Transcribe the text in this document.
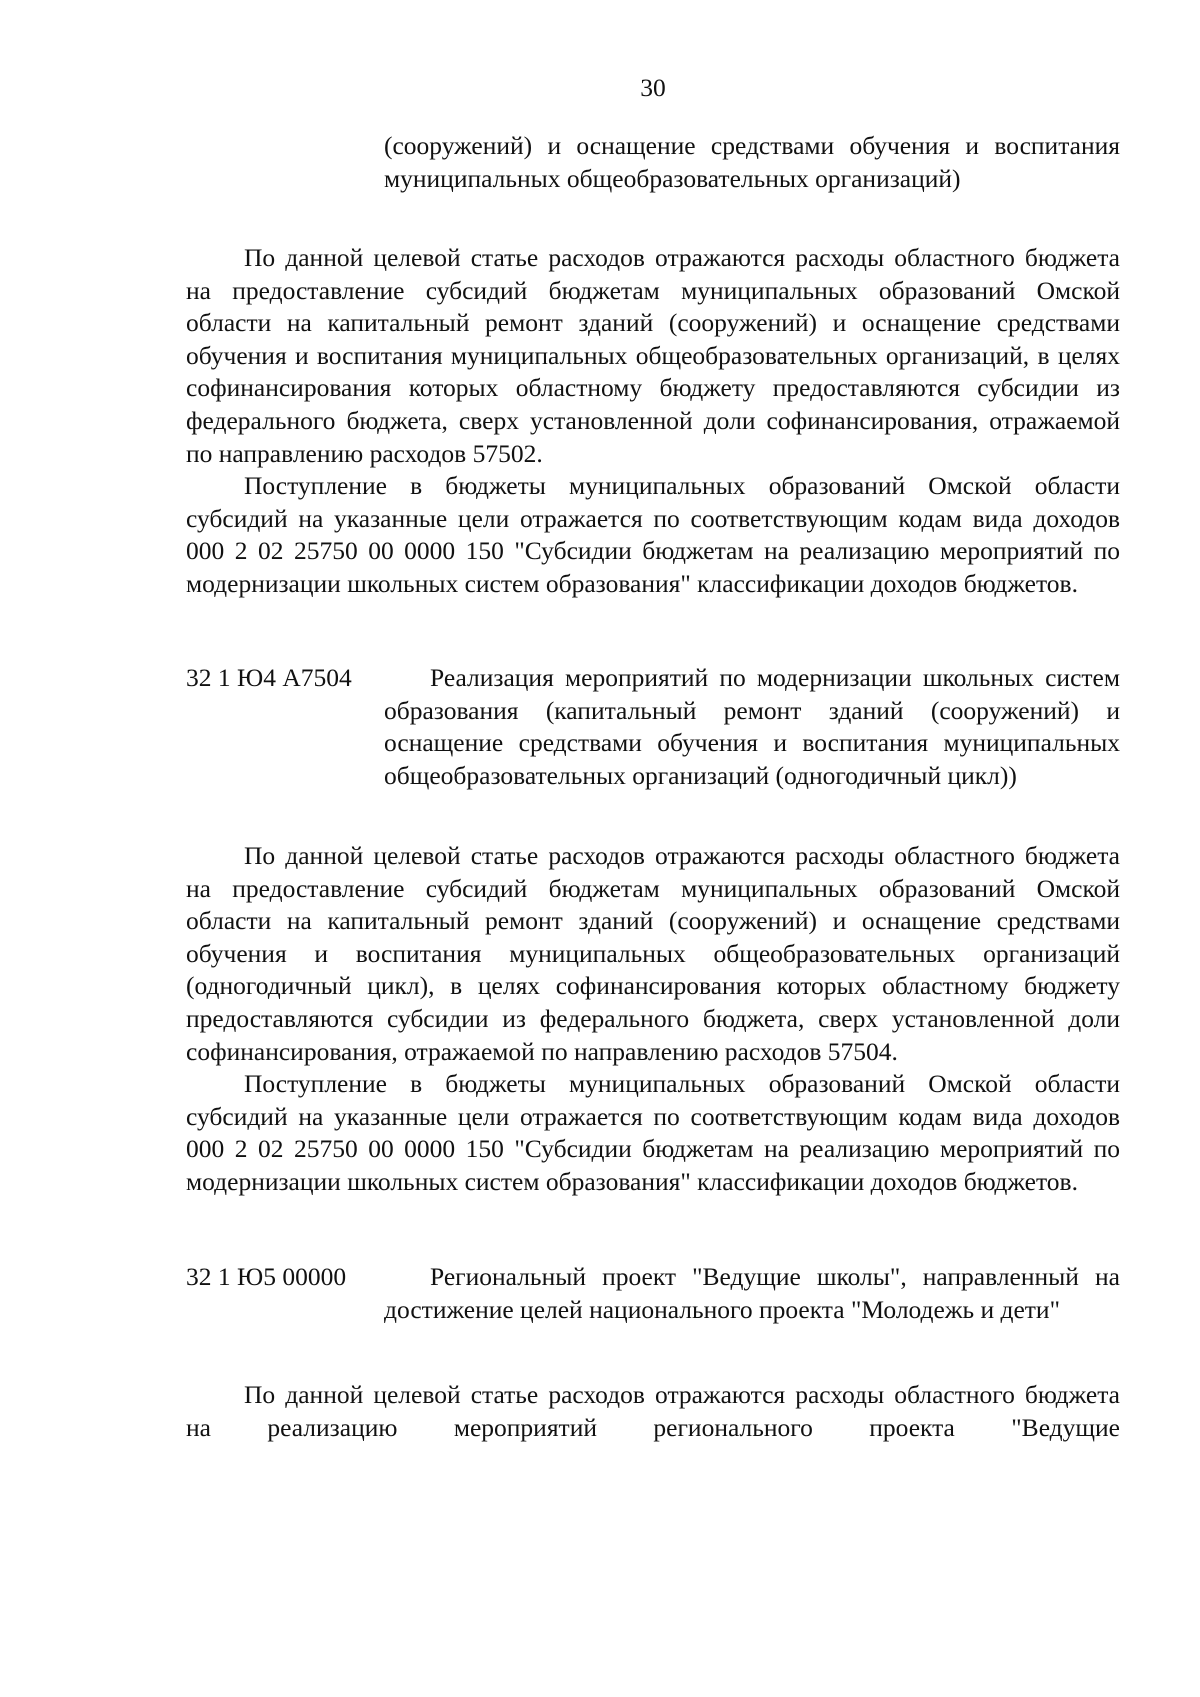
30

(сооружений) и оснащение средствами обучения и воспитания муниципальных общеобразовательных организаций)

По данной целевой статье расходов отражаются расходы областного бюджета на предоставление субсидий бюджетам муниципальных образований Омской области на капитальный ремонт зданий (сооружений) и оснащение средствами обучения и воспитания муниципальных общеобразовательных организаций, в целях софинансирования которых областному бюджету предоставляются субсидии из федерального бюджета, сверх установленной доли софинансирования, отражаемой по направлению расходов 57502.

Поступление в бюджеты муниципальных образований Омской области субсидий на указанные цели отражается по соответствующим кодам вида доходов 000 2 02 25750 00 0000 150 "Субсидии бюджетам на реализацию мероприятий по модернизации школьных систем образования" классификации доходов бюджетов.

32 1 Ю4 A7504	Реализация мероприятий по модернизации школьных систем образования (капитальный ремонт зданий (сооружений) и оснащение средствами обучения и воспитания муниципальных общеобразовательных организаций (одногодичный цикл))

По данной целевой статье расходов отражаются расходы областного бюджета на предоставление субсидий бюджетам муниципальных образований Омской области на капитальный ремонт зданий (сооружений) и оснащение средствами обучения и воспитания муниципальных общеобразовательных организаций (одногодичный цикл), в целях софинансирования которых областному бюджету предоставляются субсидии из федерального бюджета, сверх установленной доли софинансирования, отражаемой по направлению расходов 57504.

Поступление в бюджеты муниципальных образований Омской области субсидий на указанные цели отражается по соответствующим кодам вида доходов 000 2 02 25750 00 0000 150 "Субсидии бюджетам на реализацию мероприятий по модернизации школьных систем образования" классификации доходов бюджетов.

32 1 Ю5 00000	Региональный проект "Ведущие школы", направленный на достижение целей национального проекта "Молодежь и дети"

По данной целевой статье расходов отражаются расходы областного бюджета на реализацию мероприятий регионального проекта "Ведущие
